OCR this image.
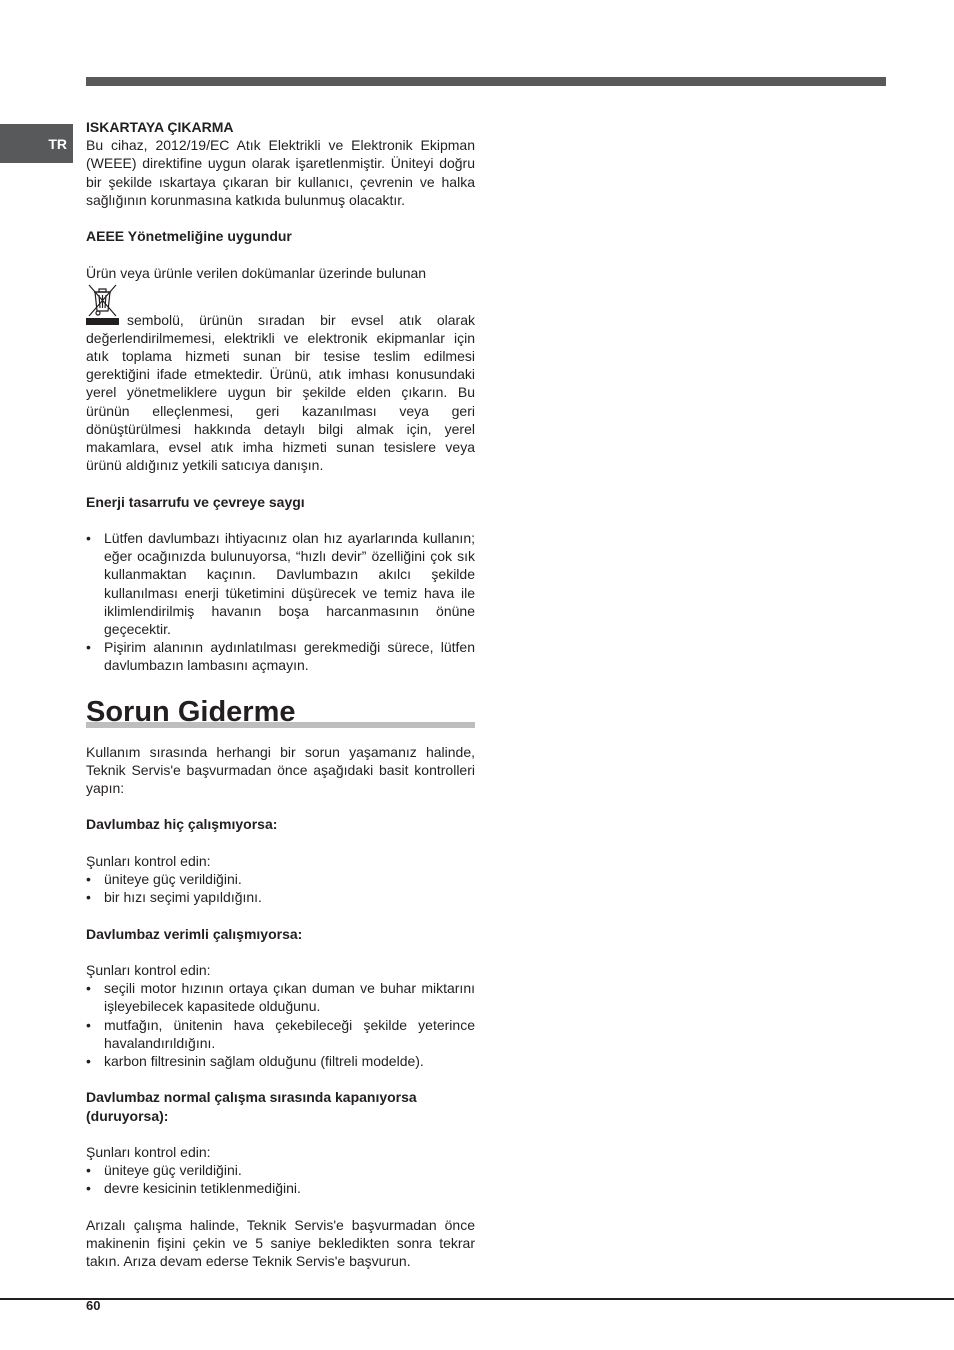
TR

ISKARTAYA ÇIKARMA

Bu cihaz, 2012/19/EC Atık Elektrikli ve Elektronik Ekipman (WEEE) direktifine uygun olarak işaretlenmiştir. Üniteyi doğru bir şekilde ıskartaya çıkaran bir kullanıcı, çevrenin ve halka sağlığının korunmasına katkıda bulunmuş olacaktır.

AEEE Yönetmeliğine uygundur

Ürün veya ürünle verilen dokümanlar üzerinde bulunan

sembolü, ürünün sıradan bir evsel atık olarak değerlendirilmemesi, elektrikli ve elektronik ekipmanlar için atık toplama hizmeti sunan bir tesise teslim edilmesi gerektiğini ifade etmektedir. Ürünü, atık imhası konusundaki yerel yönetmeliklere uygun bir şekilde elden çıkarın. Bu ürünün elleçlenmesi, geri kazanılması veya geri dönüştürülmesi hakkında detaylı bilgi almak için, yerel makamlara, evsel atık imha hizmeti sunan tesislere veya ürünü aldığınız yetkili satıcıya danışın.

Enerji tasarrufu ve çevreye saygı

• Lütfen davlumbazı ihtiyacınız olan hız ayarlarında kullanın; eğer ocağınızda bulunuyorsa, “hızlı devir” özelliğini çok sık kullanmaktan kaçının. Davlumbazın akılcı şekilde kullanılması enerji tüketimini düşürecek ve temiz hava ile iklimlendirilmiş havanın boşa harcanmasının önüne geçecektir.
• Pişirim alanının aydınlatılması gerekmediği sürece, lütfen davlumbazın lambasını açmayın.
Sorun Giderme

Kullanım sırasında herhangi bir sorun yaşamanız halinde, Teknik Servis'e başvurmadan önce aşağıdaki basit kontrolleri yapın:

Davlumbaz hiç çalışmıyorsa:

Şunları kontrol edin:

• üniteye güç verildiğini.
• bir hızı seçimi yapıldığını.

Davlumbaz verimli çalışmıyorsa:

Şunları kontrol edin:

• seçili motor hızının ortaya çıkan duman ve buhar miktarını işleyebilecek kapasitede olduğunu.
• mutfağın, ünitenin hava çekebileceği şekilde yeterince havalandırıldığını.
• karbon filtresinin sağlam olduğunu (filtreli modelde).

Davlumbaz normal çalışma sırasında kapanıyorsa (duruyorsa):

Şunları kontrol edin:

• üniteye güç verildiğini.
• devre kesicinin tetiklenmediğini.

Arızalı çalışma halinde, Teknik Servis'e başvurmadan önce makinenin fişini çekin ve 5 saniye bekledikten sonra tekrar takın. Arıza devam ederse Teknik Servis'e başvurun.

60
